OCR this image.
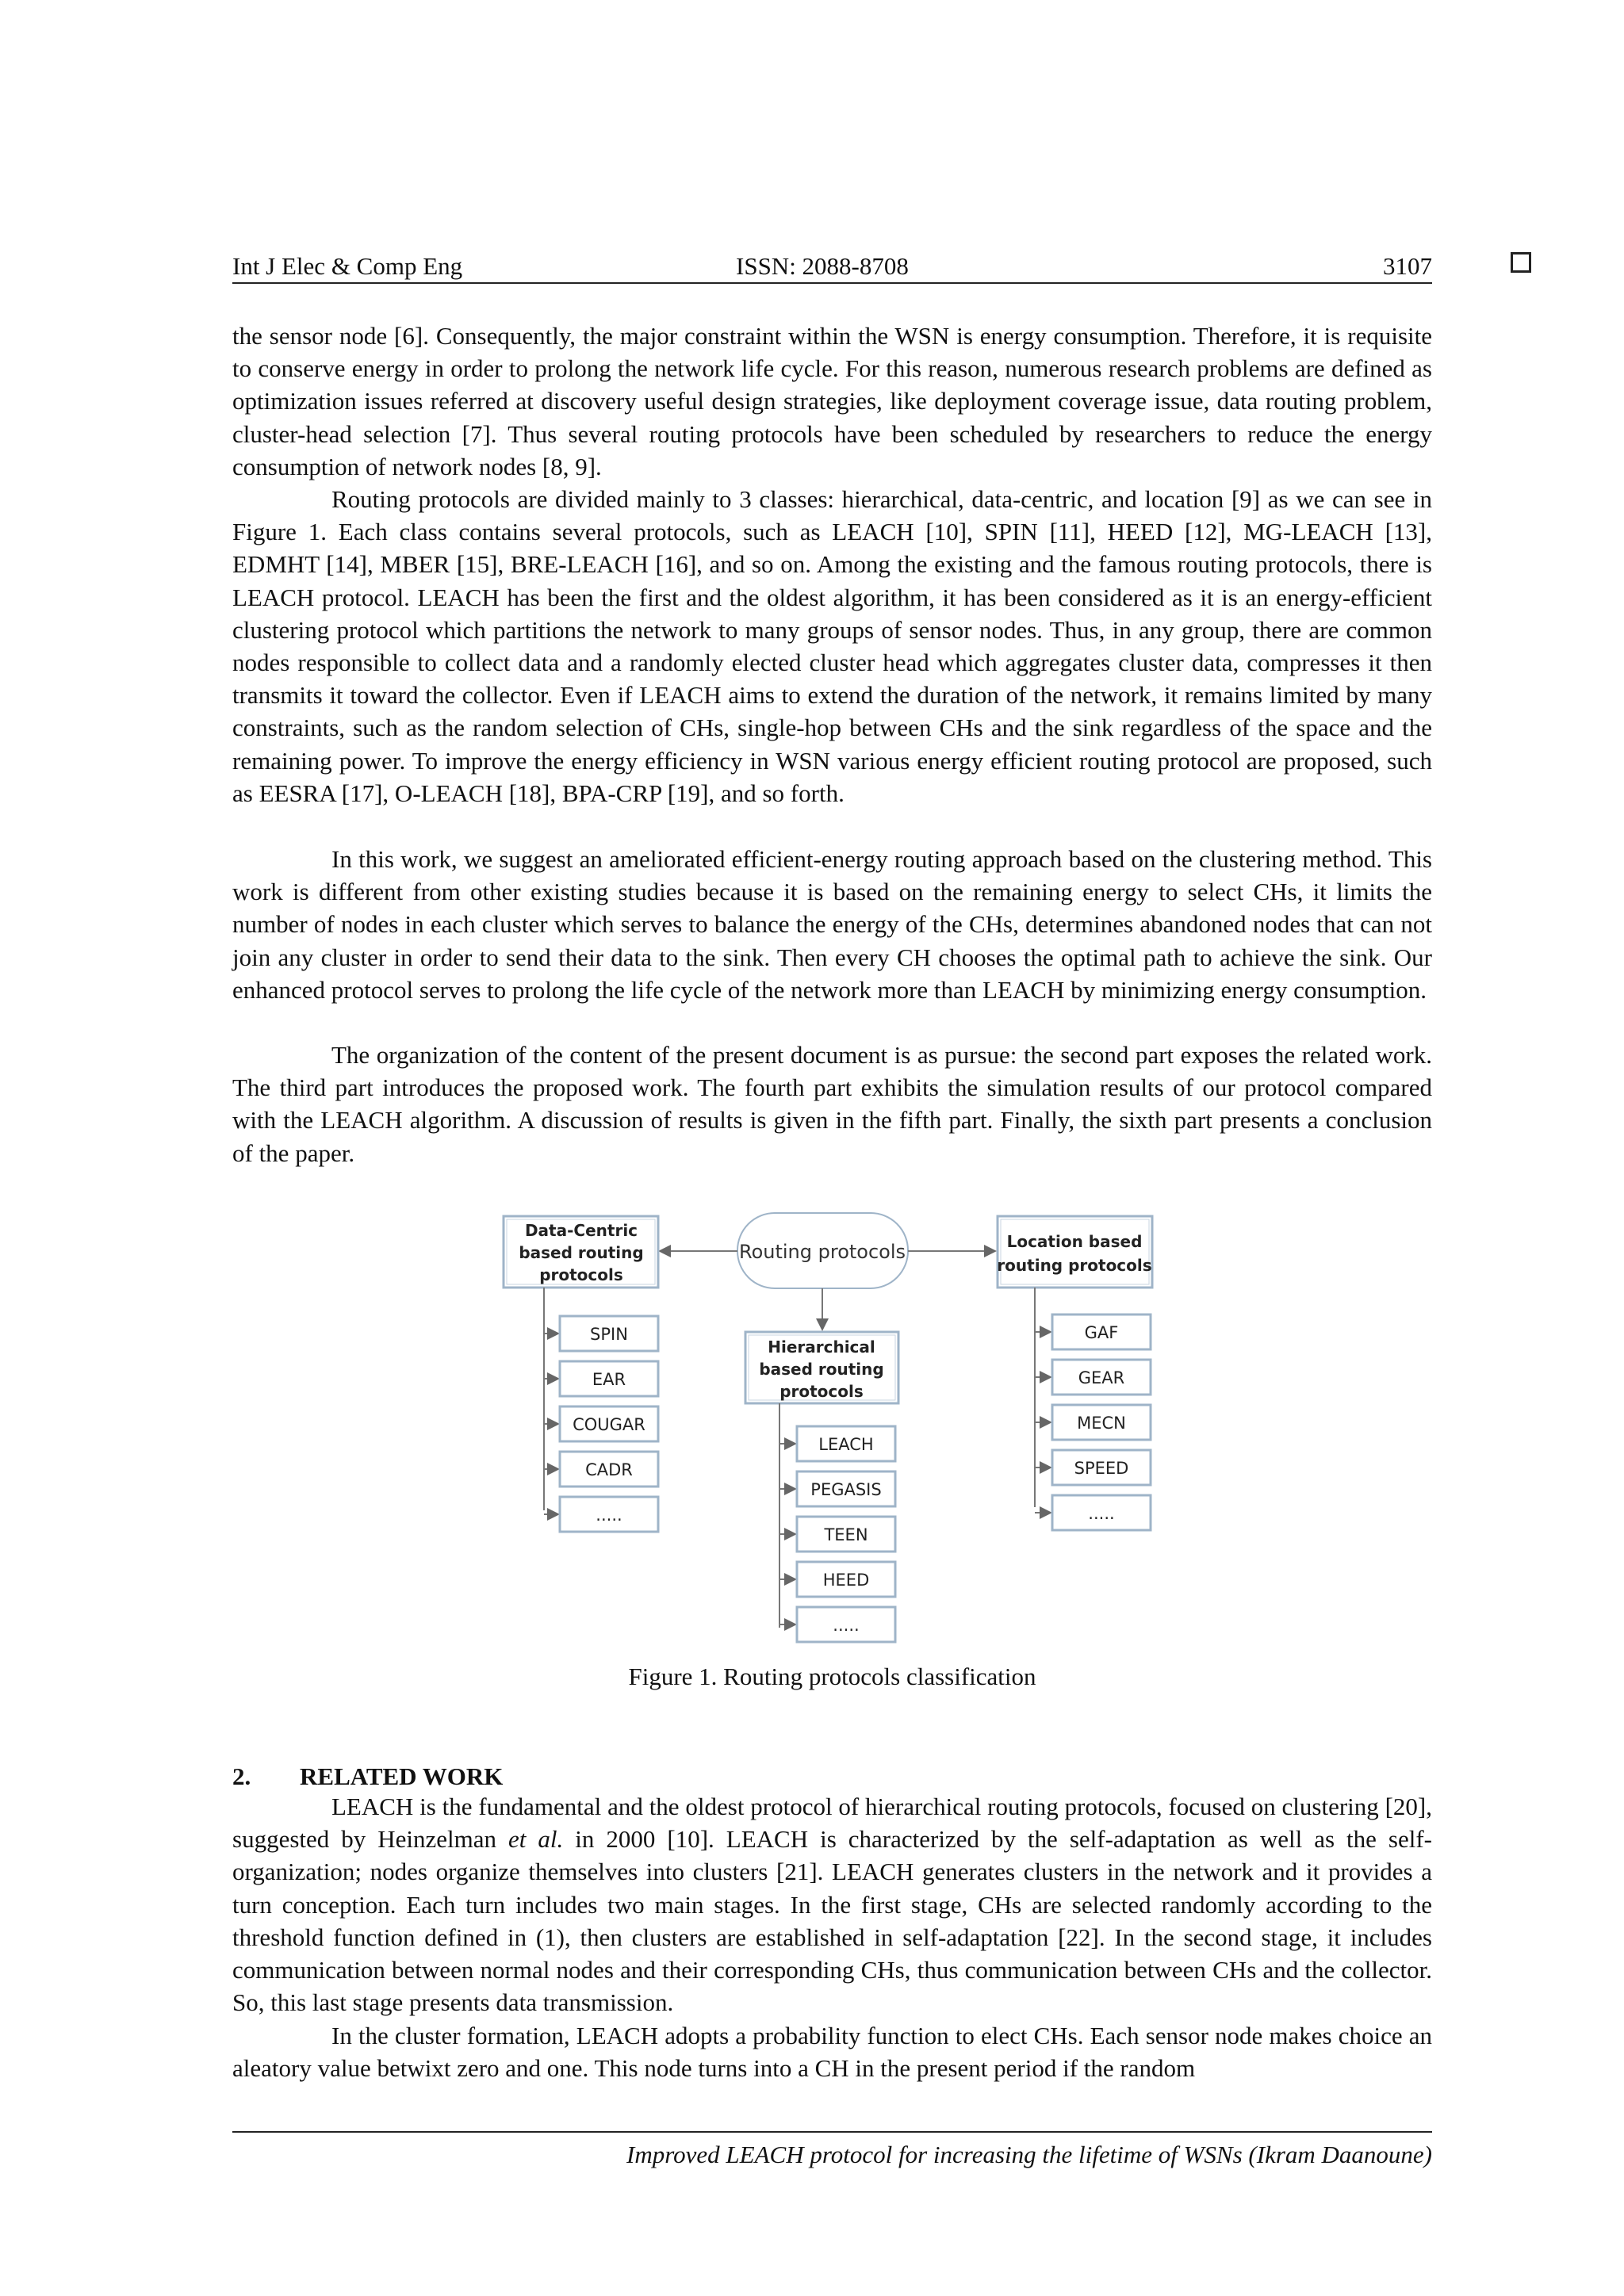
Int J Elec & Comp Eng	ISSN: 2088-8708	3107

the sensor node [6]. Consequently, the major constraint within the WSN is energy consumption. Therefore, it is requisite to conserve energy in order to prolong the network life cycle. For this reason, numerous research problems are defined as optimization issues referred at discovery useful design strategies, like deployment coverage issue, data routing problem, cluster-head selection [7]. Thus several routing protocols have been scheduled by researchers to reduce the energy consumption of network nodes [8, 9].

Routing protocols are divided mainly to 3 classes: hierarchical, data-centric, and location [9] as we can see in Figure 1. Each class contains several protocols, such as LEACH [10], SPIN [11], HEED [12], MG-LEACH [13], EDMHT [14], MBER [15], BRE-LEACH [16], and so on. Among the existing and the famous routing protocols, there is LEACH protocol. LEACH has been the first and the oldest algorithm, it has been considered as it is an energy-efficient clustering protocol which partitions the network to many groups of sensor nodes. Thus, in any group, there are common nodes responsible to collect data and a randomly elected cluster head which aggregates cluster data, compresses it then transmits it toward the collector. Even if LEACH aims to extend the duration of the network, it remains limited by many constraints, such as the random selection of CHs, single-hop between CHs and the sink regardless of the space and the remaining power. To improve the energy efficiency in WSN various energy efficient routing protocol are proposed, such as EESRA [17], O-LEACH [18], BPA-CRP [19], and so forth.

In this work, we suggest an ameliorated efficient-energy routing approach based on the clustering method. This work is different from other existing studies because it is based on the remaining energy to select CHs, it limits the number of nodes in each cluster which serves to balance the energy of the CHs, determines abandoned nodes that can not join any cluster in order to send their data to the sink. Then every CH chooses the optimal path to achieve the sink. Our enhanced protocol serves to prolong the life cycle of the network more than LEACH by minimizing energy consumption.

The organization of the content of the present document is as pursue: the second part exposes the related work. The third part introduces the proposed work. The fourth part exhibits the simulation results of our protocol compared with the LEACH algorithm. A discussion of results is given in the fifth part. Finally, the sixth part presents a conclusion of the paper.

Routing protocols
Data-Centric
based routing
protocols
SPIN
EAR
COUGAR
CADR
.....
Hierarchical
based routing
protocols
LEACH
PEGASIS
TEEN
HEED
.....
Location based
routing protocols
GAF
GEAR
MECN
SPEED
.....
Figure 1. Routing protocols classification
2. RELATED WORK

LEACH is the fundamental and the oldest protocol of hierarchical routing protocols, focused on clustering [20], suggested by Heinzelman et al. in 2000 [10]. LEACH is characterized by the self-adaptation as well as the self-organization; nodes organize themselves into clusters [21]. LEACH generates clusters in the network and it provides a turn conception. Each turn includes two main stages. In the first stage, CHs are selected randomly according to the threshold function defined in (1), then clusters are established in self-adaptation [22]. In the second stage, it includes communication between normal nodes and their corresponding CHs, thus communication between CHs and the collector. So, this last stage presents data transmission.

In the cluster formation, LEACH adopts a probability function to elect CHs. Each sensor node makes choice an aleatory value betwixt zero and one. This node turns into a CH in the present period if the random

Improved LEACH protocol for increasing the lifetime of WSNs (Ikram Daanoune)
